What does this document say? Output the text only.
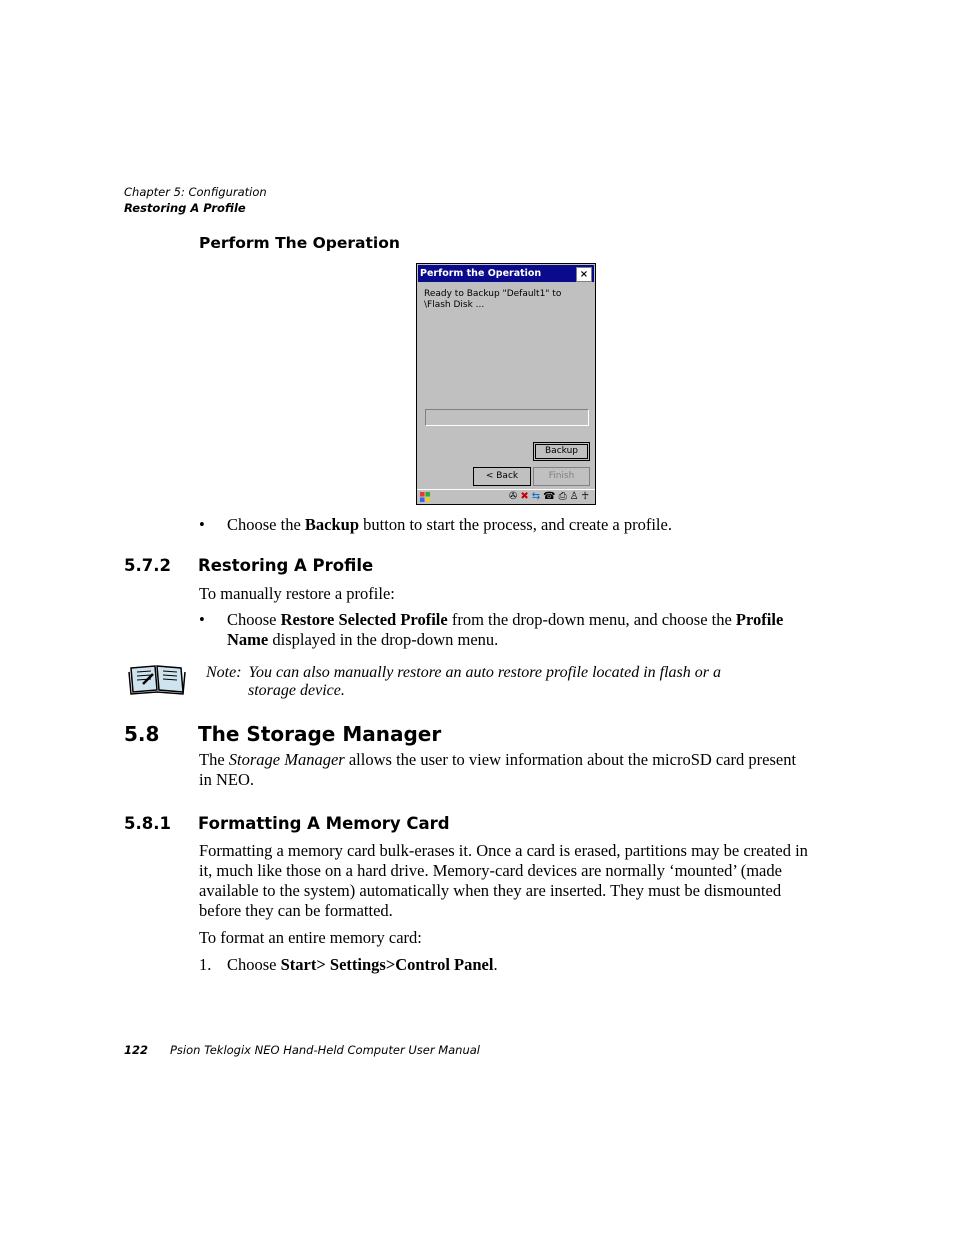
Chapter 5: Configuration
Restoring A Profile
Perform The Operation
Perform the Operation	×
Ready to Backup "Default1" to \Flash Disk ...
Backup
< Back	Finish
✇ ✖ ⇆ ☎ ⎙ ♙ ☥
• Choose the Backup button to start the process, and create a profile.
5.7.2 Restoring A Profile
To manually restore a profile:
• Choose Restore Selected Profile from the drop-down menu, and choose the Profile
Name displayed in the drop-down menu.
Note: You can also manually restore an auto restore profile located in flash or a
storage device.
5.8 The Storage Manager
The Storage Manager allows the user to view information about the microSD card present
in NEO.
5.8.1 Formatting A Memory Card
Formatting a memory card bulk-erases it. Once a card is erased, partitions may be created in
it, much like those on a hard drive. Memory-card devices are normally ‘mounted’ (made
available to the system) automatically when they are inserted. They must be dismounted
before they can be formatted.
To format an entire memory card:
1. Choose Start> Settings>Control Panel.
122 Psion Teklogix NEO Hand-Held Computer User Manual
